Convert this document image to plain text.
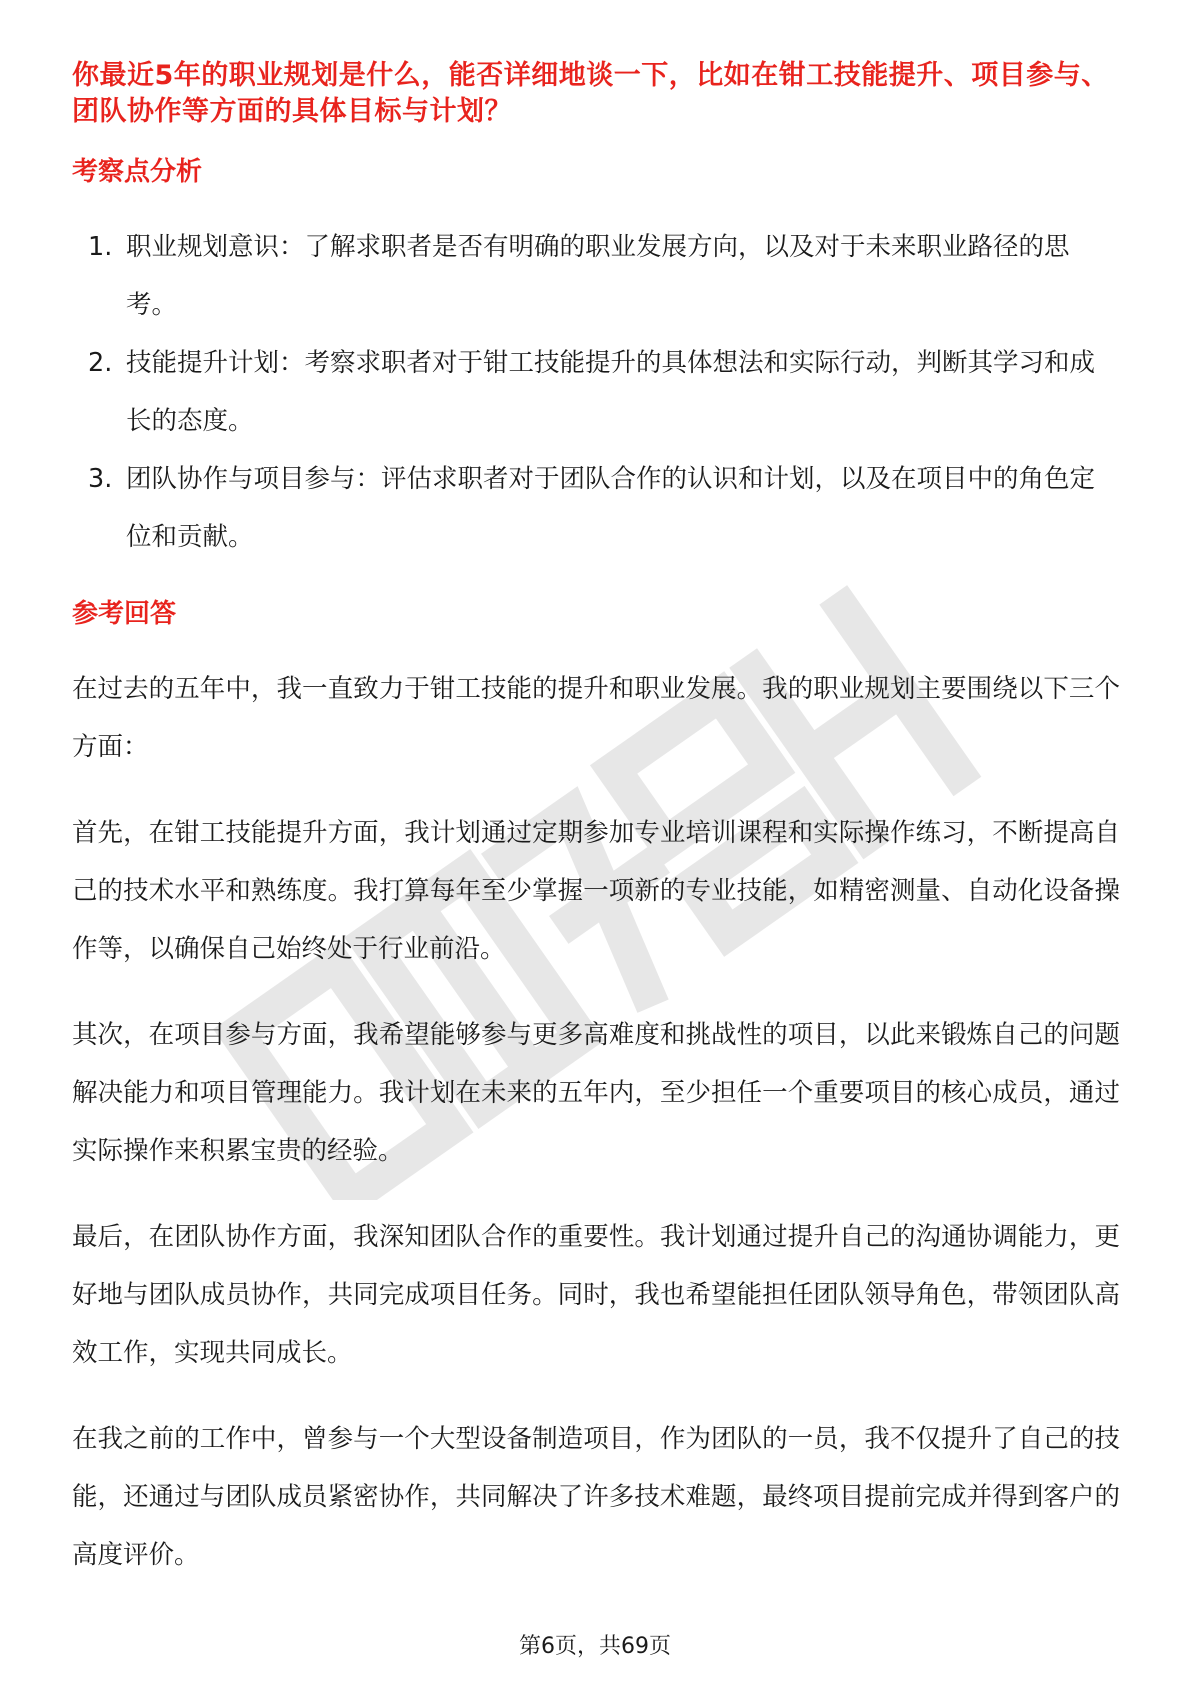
你最近5年的职业规划是什么，能否详细地谈一下，比如在钳工技能提升、项目参与、团队协作等方面的具体目标与计划？

考察点分析
1. 职业规划意识：了解求职者是否有明确的职业发展方向，以及对于未来职业路径的思考。
2. 技能提升计划：考察求职者对于钳工技能提升的具体想法和实际行动，判断其学习和成长的态度。
3. 团队协作与项目参与：评估求职者对于团队合作的认识和计划，以及在项目中的角色定位和贡献。
参考回答

在过去的五年中，我一直致力于钳工技能的提升和职业发展。我的职业规划主要围绕以下三个方面：

首先，在钳工技能提升方面，我计划通过定期参加专业培训课程和实际操作练习，不断提高自己的技术水平和熟练度。我打算每年至少掌握一项新的专业技能，如精密测量、自动化设备操作等，以确保自己始终处于行业前沿。

其次，在项目参与方面，我希望能够参与更多高难度和挑战性的项目，以此来锻炼自己的问题解决能力和项目管理能力。我计划在未来的五年内，至少担任一个重要项目的核心成员，通过实际操作来积累宝贵的经验。

最后，在团队协作方面，我深知团队合作的重要性。我计划通过提升自己的沟通协调能力，更好地与团队成员协作，共同完成项目任务。同时，我也希望能担任团队领导角色，带领团队高效工作，实现共同成长。

在我之前的工作中，曾参与一个大型设备制造项目，作为团队的一员，我不仅提升了自己的技能，还通过与团队成员紧密协作，共同解决了许多技术难题，最终项目提前完成并得到客户的高度评价。

第6页，共69页
